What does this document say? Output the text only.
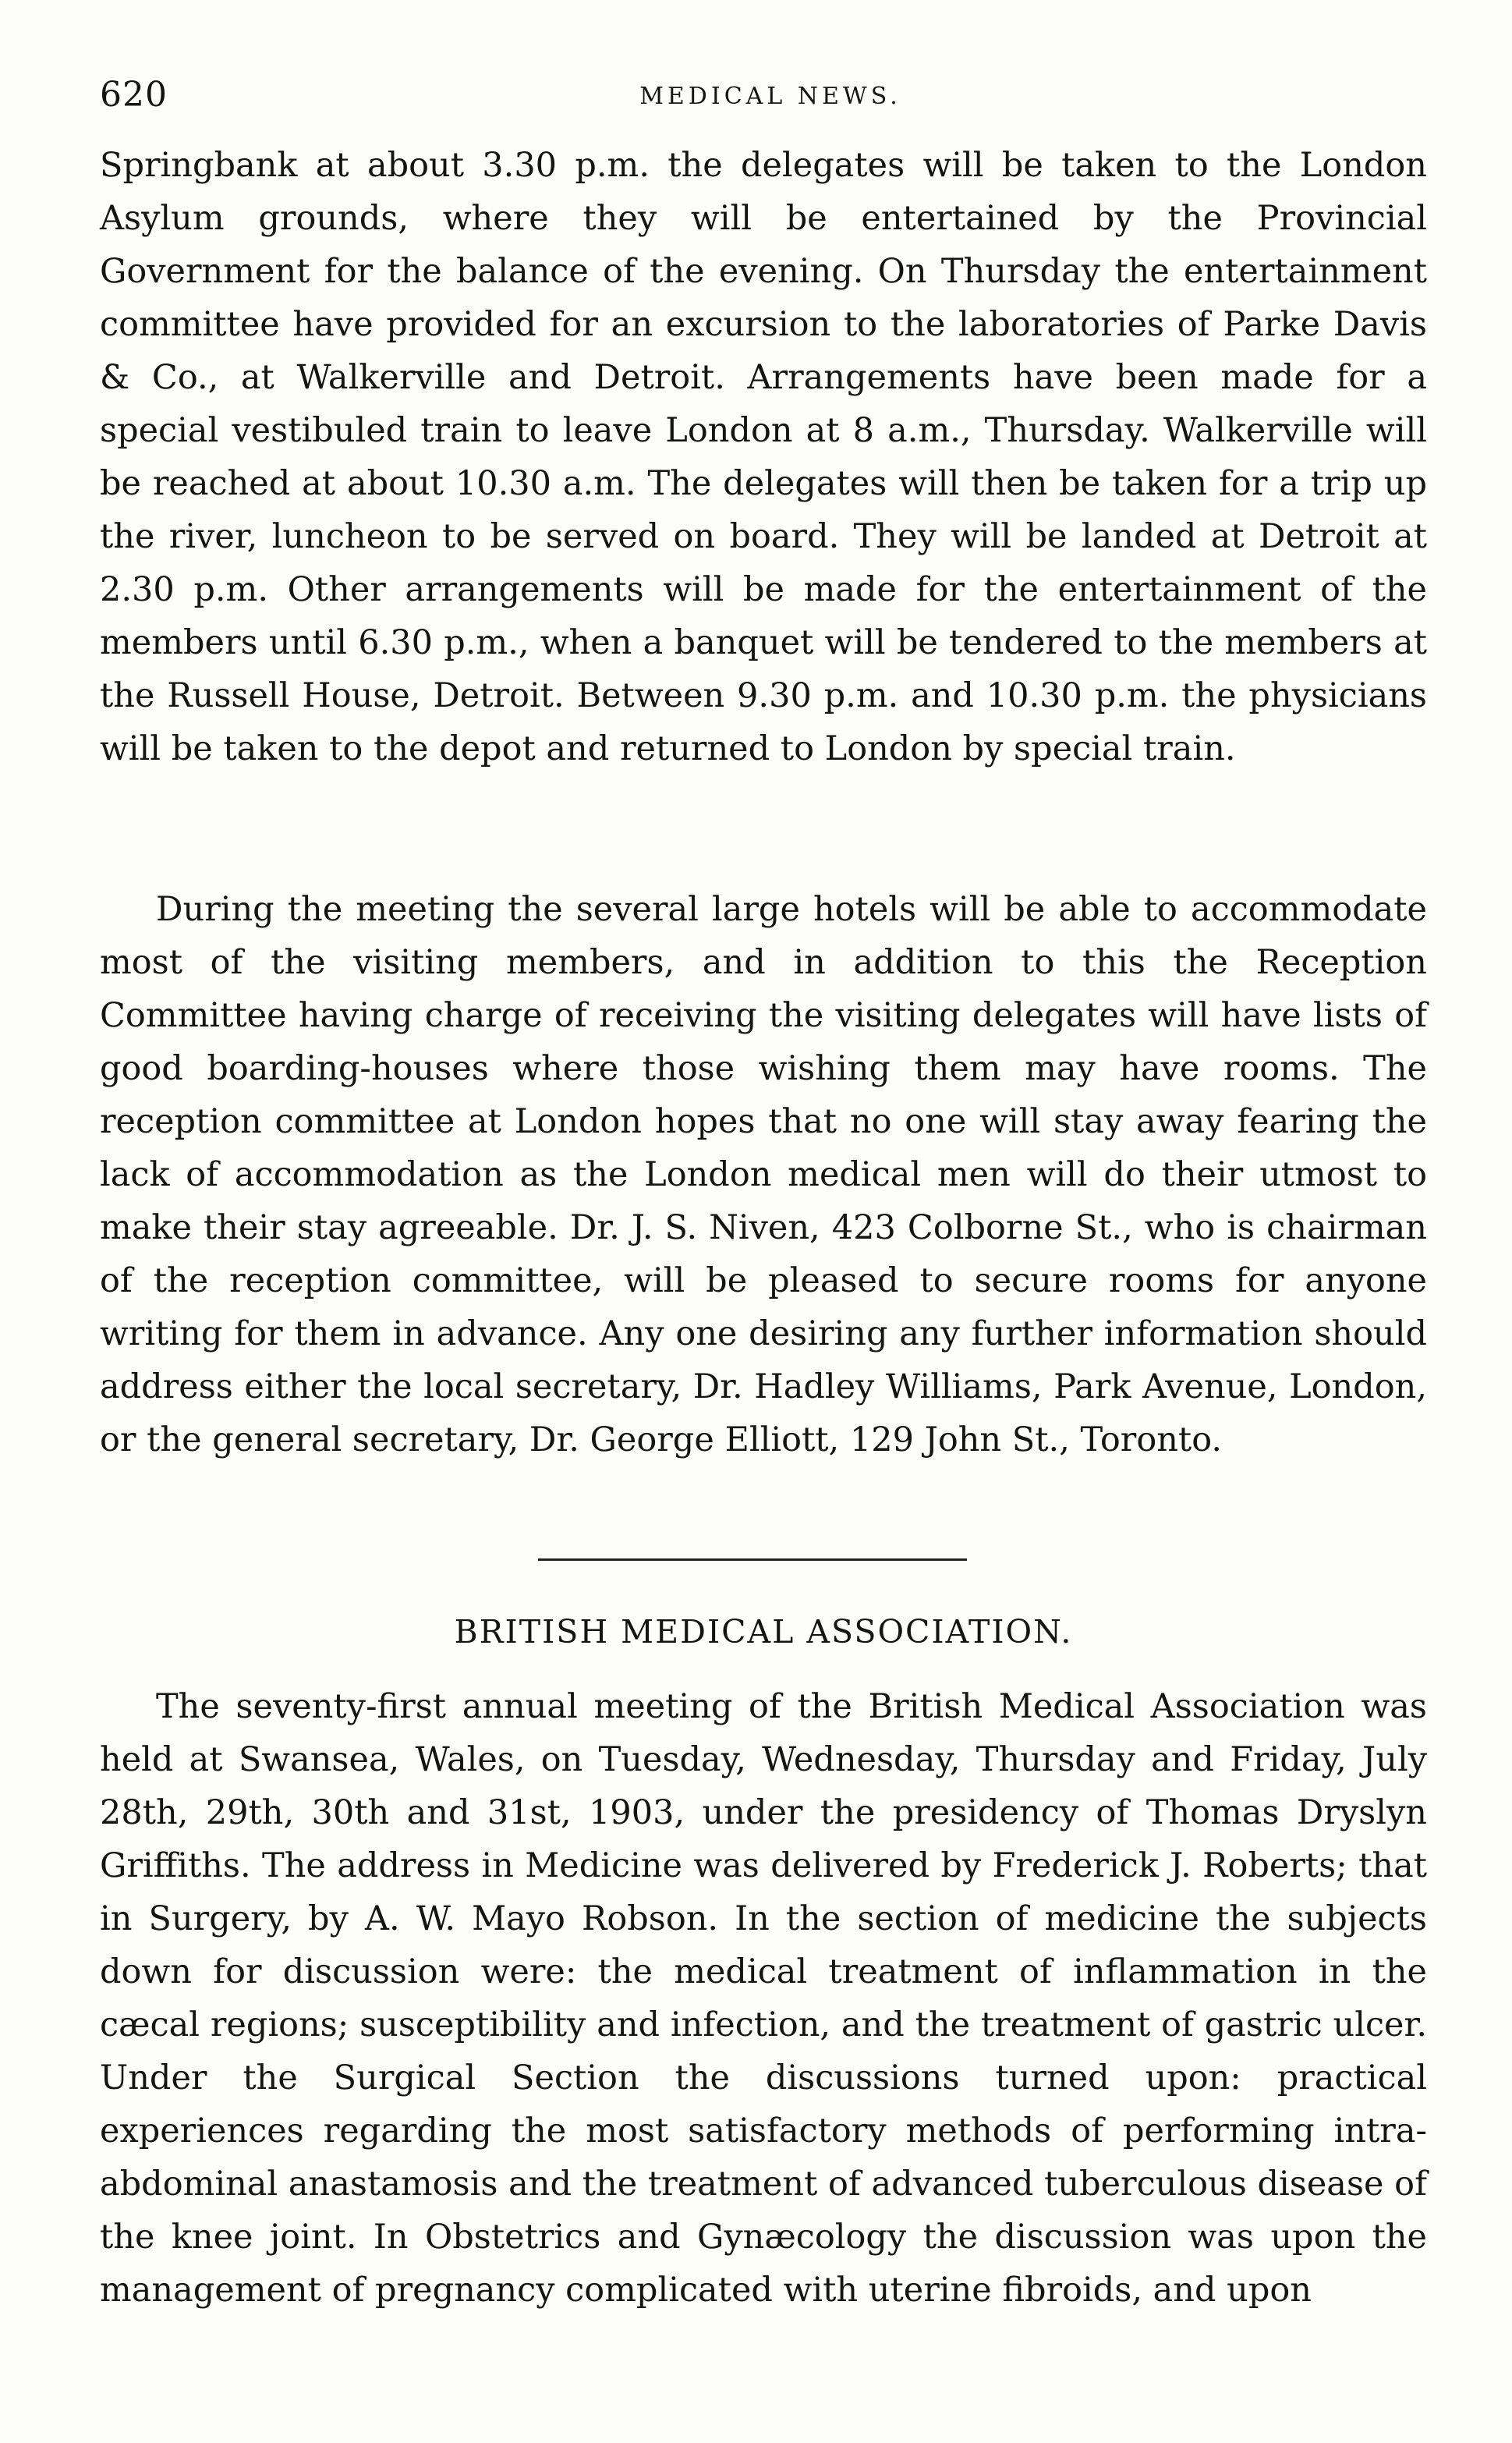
620	MEDICAL NEWS.

Springbank at about 3.30 p.m. the delegates will be taken to the London Asylum grounds, where they will be entertained by the Provincial Government for the balance of the evening. On Thursday the entertainment committee have provided for an excursion to the laboratories of Parke Davis & Co., at Walkerville and Detroit. Arrangements have been made for a special vestibuled train to leave London at 8 a.m., Thursday. Walkerville will be reached at about 10.30 a.m. The delegates will then be taken for a trip up the river, luncheon to be served on board. They will be landed at Detroit at 2.30 p.m. Other arrangements will be made for the entertainment of the members until 6.30 p.m., when a banquet will be tendered to the members at the Russell House, Detroit. Between 9.30 p.m. and 10.30 p.m. the physicians will be taken to the depot and returned to London by special train.

During the meeting the several large hotels will be able to accommodate most of the visiting members, and in addition to this the Reception Committee having charge of receiving the visiting delegates will have lists of good boarding-houses where those wishing them may have rooms. The reception committee at London hopes that no one will stay away fearing the lack of accommodation as the London medical men will do their utmost to make their stay agreeable. Dr. J. S. Niven, 423 Colborne St., who is chairman of the reception committee, will be pleased to secure rooms for anyone writing for them in advance. Any one desiring any further information should address either the local secretary, Dr. Hadley Williams, Park Avenue, London, or the general secretary, Dr. George Elliott, 129 John St., Toronto.

BRITISH MEDICAL ASSOCIATION.

The seventy-first annual meeting of the British Medical Association was held at Swansea, Wales, on Tuesday, Wednesday, Thursday and Friday, July 28th, 29th, 30th and 31st, 1903, under the presidency of Thomas Dryslyn Griffiths. The address in Medicine was delivered by Frederick J. Roberts; that in Surgery, by A. W. Mayo Robson. In the section of medicine the subjects down for discussion were: the medical treatment of inflammation in the cæcal regions; susceptibility and infection, and the treatment of gastric ulcer. Under the Surgical Section the discussions turned upon: practical experiences regarding the most satisfactory methods of performing intra-abdominal anastamosis and the treatment of advanced tuberculous disease of the knee joint. In Obstetrics and Gynæcology the discussion was upon the management of pregnancy complicated with uterine fibroids, and upon
